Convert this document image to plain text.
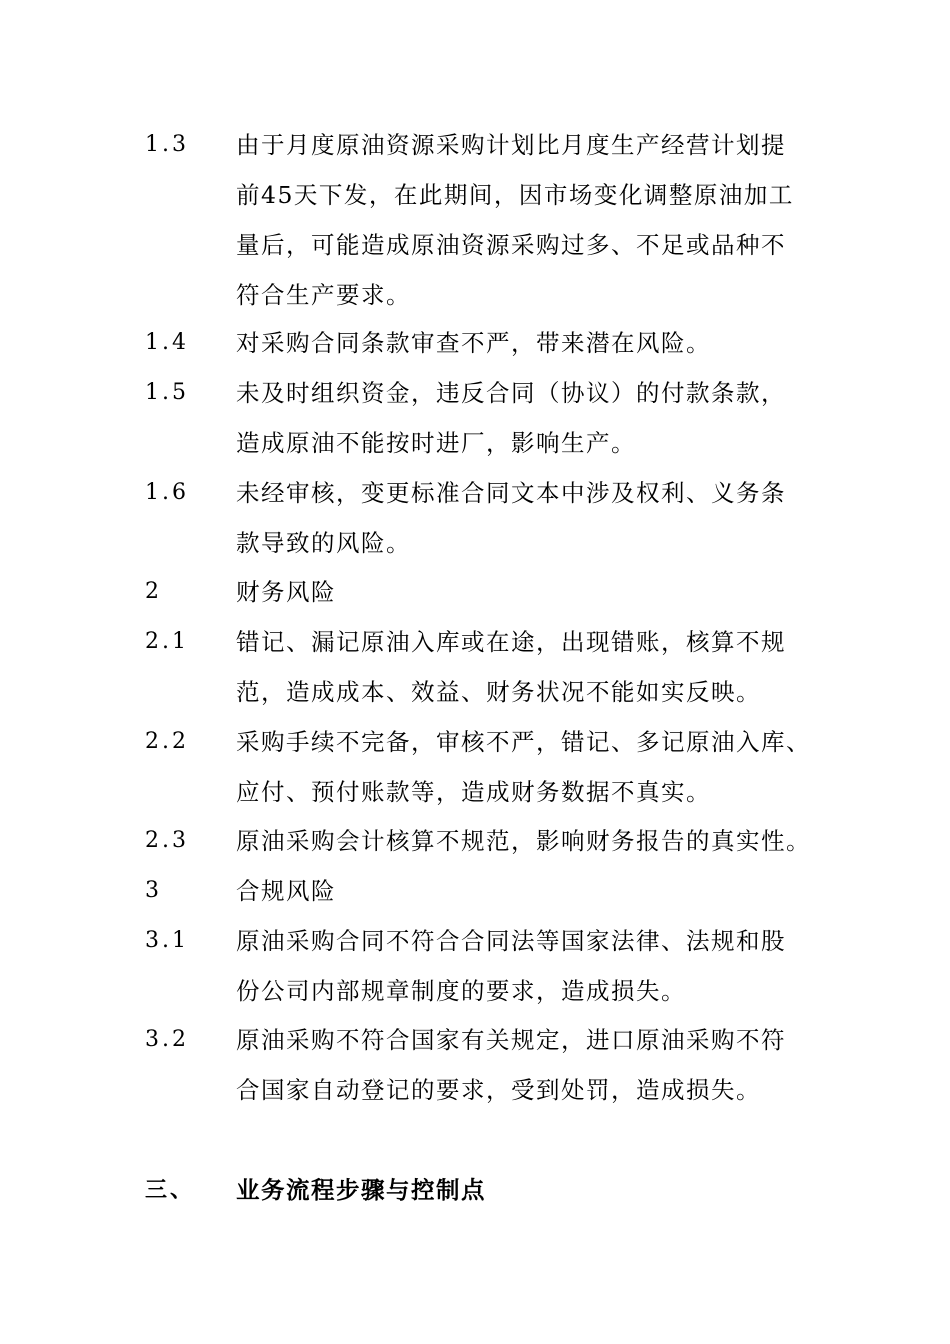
1.3 由于月度原油资源采购计划比月度生产经营计划提
前45天下发，在此期间，因市场变化调整原油加工
量后，可能造成原油资源采购过多、不足或品种不
符合生产要求。
1.4 对采购合同条款审查不严，带来潜在风险。
1.5 未及时组织资金，违反合同（协议）的付款条款，
造成原油不能按时进厂，影响生产。
1.6 未经审核，变更标准合同文本中涉及权利、义务条
款导致的风险。
2	财务风险
2.1 错记、漏记原油入库或在途，出现错账，核算不规
范，造成成本、效益、财务状况不能如实反映。
2.2 采购手续不完备，审核不严，错记、多记原油入库、
应付、预付账款等，造成财务数据不真实。
2.3 原油采购会计核算不规范，影响财务报告的真实性。
3	合规风险
3.1 原油采购合同不符合合同法等国家法律、法规和股
份公司内部规章制度的要求，造成损失。
3.2 原油采购不符合国家有关规定，进口原油采购不符
合国家自动登记的要求，受到处罚，造成损失。
三、 业务流程步骤与控制点
